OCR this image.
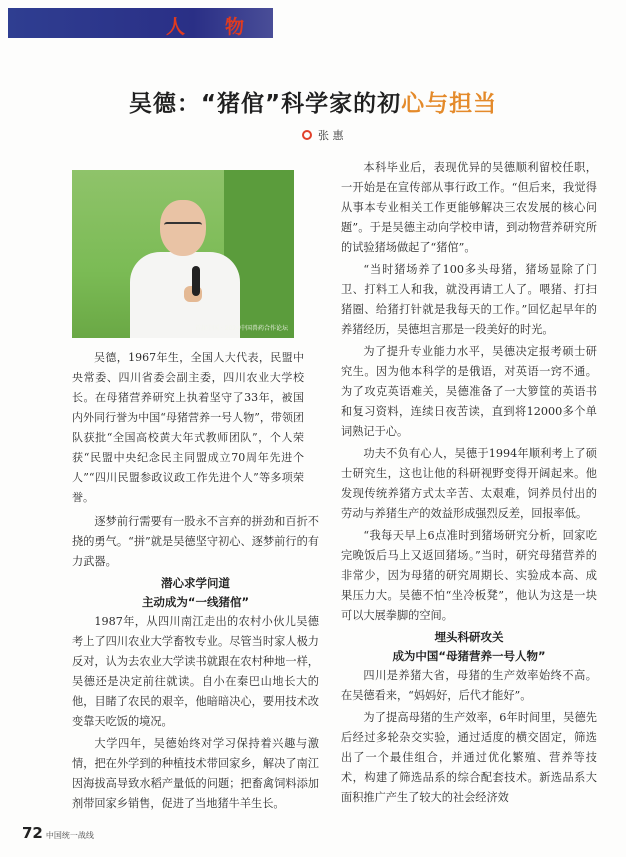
人 物
吴德：“猪倌”科学家的初心与担当
张 惠
首届中国 · 2024中国兽药合作论坛

吴德，1967年生，全国人大代表，民盟中央常委、四川省委会副主委，四川农业大学校长。在母猪营养研究上执着坚守了33年，被国内外同行誉为中国“母猪营养一号人物”，带领团队获批“全国高校黄大年式教师团队”，个人荣获“民盟中央纪念民主同盟成立70周年先进个人”“四川民盟参政议政工作先进个人”等多项荣誉。

逐梦前行需要有一股永不言弃的拼劲和百折不挠的勇气。“拼”就是吴德坚守初心、逐梦前行的有力武器。

潜心求学问道
主动成为“一线猪倌”

1987年，从四川南江走出的农村小伙儿吴德考上了四川农业大学畜牧专业。尽管当时家人极力反对，认为去农业大学读书就跟在农村种地一样，吴德还是决定前往就读。自小在秦巴山地长大的他，目睹了农民的艰辛，他暗暗决心，要用技术改变靠天吃饭的境况。

大学四年，吴德始终对学习保持着兴趣与激情，把在外学到的种植技术带回家乡，解决了南江因海拔高导致水稻产量低的问题；把畜禽饲料添加剂带回家乡销售，促进了当地猪牛羊生长。

本科毕业后，表现优异的吴德顺利留校任职，一开始是在宣传部从事行政工作。“但后来，我觉得从事本专业相关工作更能够解决三农发展的核心问题”。于是吴德主动向学校申请，到动物营养研究所的试验猪场做起了“猪倌”。

“当时猪场养了100多头母猪，猪场显除了门卫、打料工人和我，就没再请工人了。喂猪、打扫猪圈、给猪打针就是我每天的工作。”回忆起早年的养猪经历，吴德坦言那是一段美好的时光。

为了提升专业能力水平，吴德决定报考硕士研究生。因为他本科学的是俄语，对英语一窍不通。为了攻克英语难关，吴德准备了一大箩筐的英语书和复习资料，连续日夜苦读，直到将12000多个单词熟记于心。

功夫不负有心人，吴德于1994年顺利考上了硕士研究生，这也让他的科研视野变得开阔起来。他发现传统养猪方式太辛苦、太艰难，饲养员付出的劳动与养猪生产的效益形成强烈反差，回报率低。

“我每天早上6点准时到猪场研究分析，回家吃完晚饭后马上又返回猪场。”当时，研究母猪营养的非常少，因为母猪的研究周期长、实验成本高、成果压力大。吴德不怕“坐冷板凳”，他认为这是一块可以大展拳脚的空间。

埋头科研攻关
成为中国“母猪营养一号人物”

四川是养猪大省，母猪的生产效率始终不高。在吴德看来，“妈妈好，后代才能好”。

为了提高母猪的生产效率，6年时间里，吴德先后经过多轮杂交实验，通过适度的横交固定，筛选出了一个最佳组合，并通过优化繁殖、营养等技术，构建了筛选品系的综合配套技术。新选品系大面积推广产生了较大的社会经济效

72 中国统一战线
